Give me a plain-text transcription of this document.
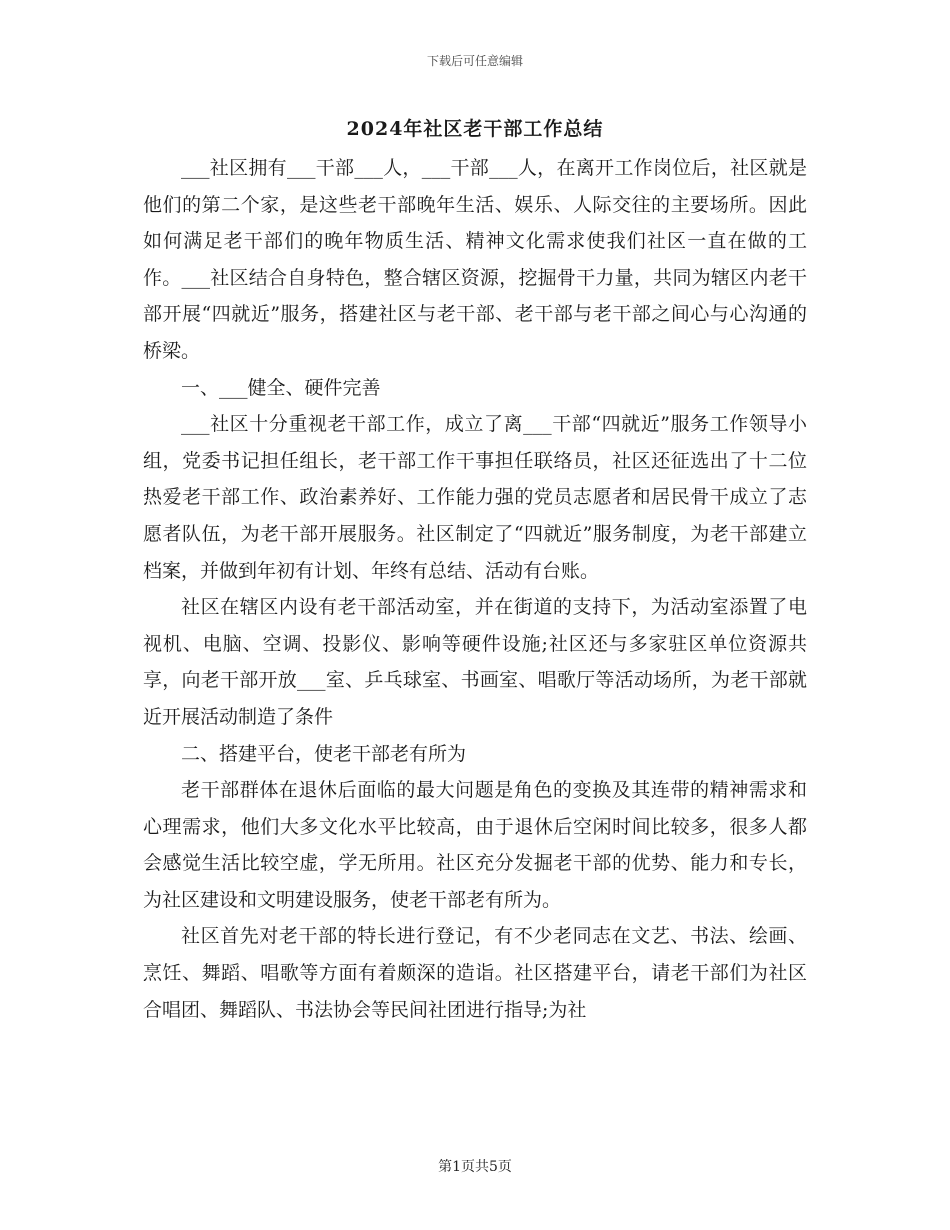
下载后可任意编辑
2024年社区老干部工作总结

___社区拥有___干部___人，___干部___人，在离开工作岗位后，社区就是他们的第二个家，是这些老干部晚年生活、娱乐、人际交往的主要场所。因此如何满足老干部们的晚年物质生活、精神文化需求使我们社区一直在做的工作。___社区结合自身特色，整合辖区资源，挖掘骨干力量，共同为辖区内老干部开展“四就近”服务，搭建社区与老干部、老干部与老干部之间心与心沟通的桥梁。

一、___健全、硬件完善

___社区十分重视老干部工作，成立了离___干部“四就近”服务工作领导小组，党委书记担任组长，老干部工作干事担任联络员，社区还征选出了十二位热爱老干部工作、政治素养好、工作能力强的党员志愿者和居民骨干成立了志愿者队伍，为老干部开展服务。社区制定了“四就近”服务制度，为老干部建立档案，并做到年初有计划、年终有总结、活动有台账。

社区在辖区内设有老干部活动室，并在街道的支持下，为活动室添置了电视机、电脑、空调、投影仪、影响等硬件设施;社区还与多家驻区单位资源共享，向老干部开放___室、乒乓球室、书画室、唱歌厅等活动场所，为老干部就近开展活动制造了条件

二、搭建平台，使老干部老有所为

老干部群体在退休后面临的最大问题是角色的变换及其连带的精神需求和心理需求，他们大多文化水平比较高，由于退休后空闲时间比较多，很多人都会感觉生活比较空虚，学无所用。社区充分发掘老干部的优势、能力和专长，为社区建设和文明建设服务，使老干部老有所为。

社区首先对老干部的特长进行登记，有不少老同志在文艺、书法、绘画、烹饪、舞蹈、唱歌等方面有着颇深的造诣。社区搭建平台，请老干部们为社区合唱团、舞蹈队、书法协会等民间社团进行指导;为社

第1页共5页
